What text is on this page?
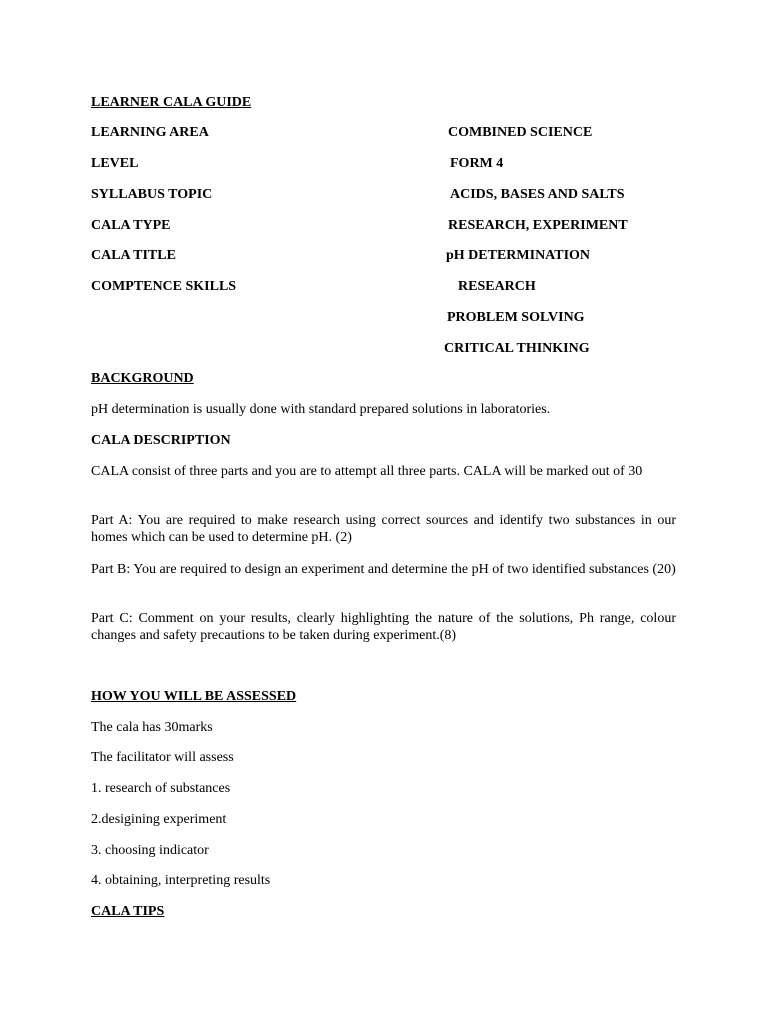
LEARNER CALA GUIDE
LEARNING AREA	COMBINED SCIENCE
LEVEL	FORM 4
SYLLABUS TOPIC	ACIDS, BASES AND SALTS
CALA TYPE	RESEARCH, EXPERIMENT
CALA TITLE	pH DETERMINATION
COMPTENCE SKILLS	RESEARCH
PROBLEM SOLVING
CRITICAL THINKING
BACKGROUND
pH determination is usually done with standard prepared solutions in laboratories.
CALA DESCRIPTION
CALA consist of three parts and you are to attempt all three parts. CALA will be marked out of 30
Part A: You are required to make research using correct sources and identify two substances in our homes which can be used to determine pH. (2)
Part B: You are required to design an experiment and determine the pH of two identified substances (20)
Part C: Comment on your results, clearly highlighting the nature of the solutions, Ph range, colour changes and safety precautions to be taken during experiment.(8)
HOW YOU WILL BE ASSESSED
The cala has 30marks
The facilitator will assess
1. research of substances
2.desigining experiment
3. choosing indicator
4. obtaining, interpreting results
CALA TIPS
